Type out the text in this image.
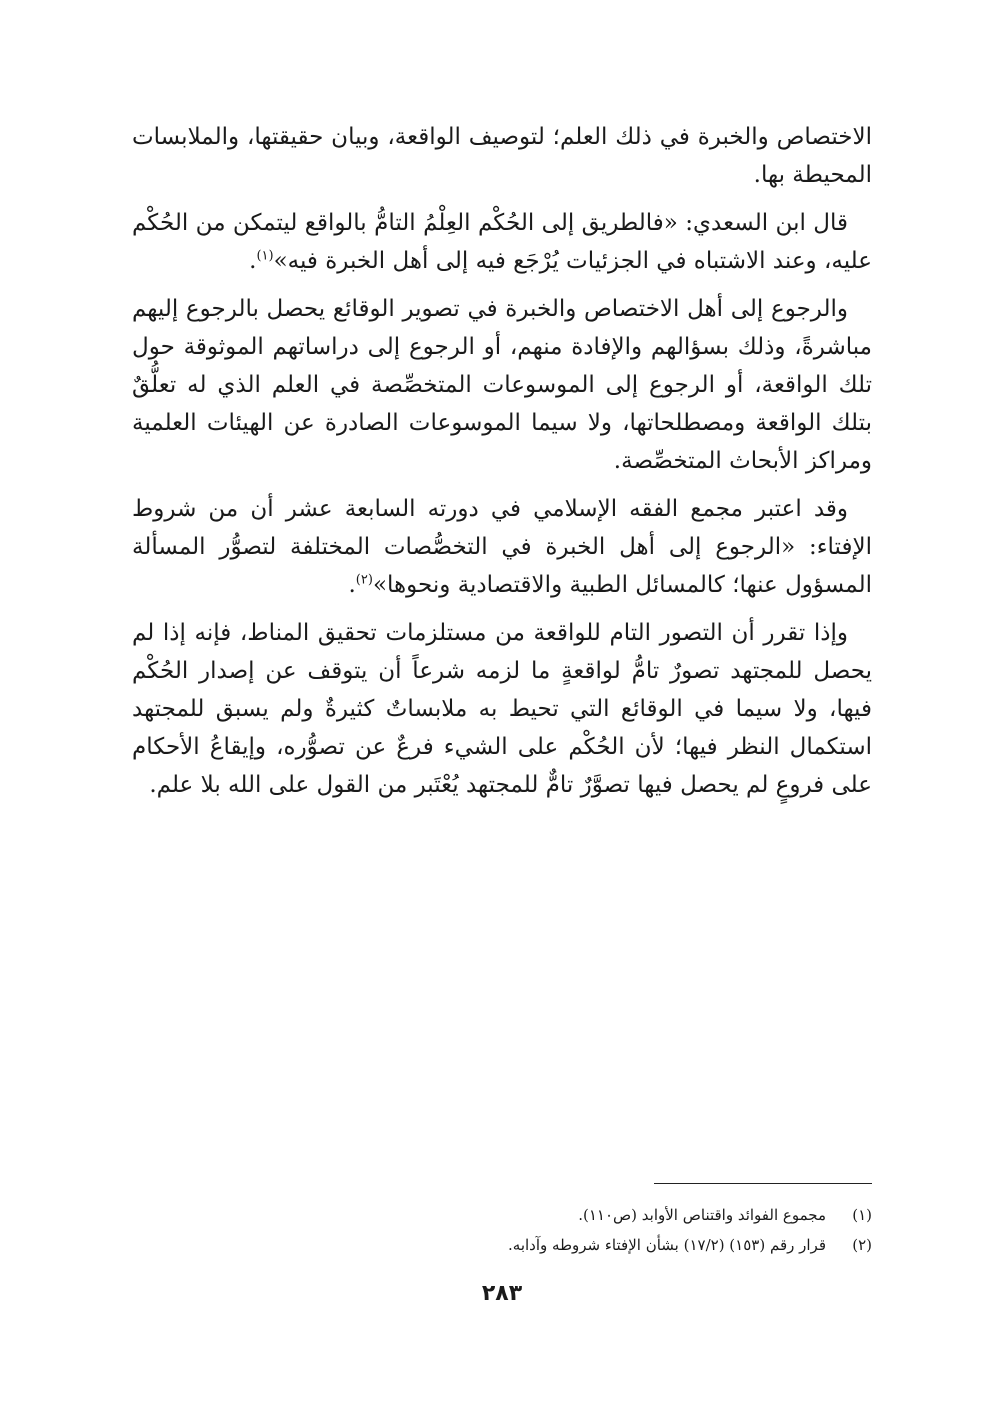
الاختصاص والخبرة في ذلك العلم؛ لتوصيف الواقعة، وبيان حقيقتها، والملابسات المحيطة بها.

قال ابن السعدي: «فالطريق إلى الحُكْم العِلْمُ التامُّ بالواقع ليتمكن من الحُكْم عليه، وعند الاشتباه في الجزئيات يُرْجَع فيه إلى أهل الخبرة فيه»$^{(١)}$.

والرجوع إلى أهل الاختصاص والخبرة في تصوير الوقائع يحصل بالرجوع إليهم مباشرةً، وذلك بسؤالهم والإفادة منهم، أو الرجوع إلى دراساتهم الموثوقة حول تلك الواقعة، أو الرجوع إلى الموسوعات المتخصِّصة في العلم الذي له تعلُّقٌ بتلك الواقعة ومصطلحاتها، ولا سيما الموسوعات الصادرة عن الهيئات العلمية ومراكز الأبحاث المتخصِّصة.

وقد اعتبر مجمع الفقه الإسلامي في دورته السابعة عشر أن من شروط الإفتاء: «الرجوع إلى أهل الخبرة في التخصُّصات المختلفة لتصوُّر المسألة المسؤول عنها؛ كالمسائل الطبية والاقتصادية ونحوها»$^{(٢)}$.

وإذا تقرر أن التصور التام للواقعة من مستلزمات تحقيق المناط، فإنه إذا لم يحصل للمجتهد تصورٌ تامُّ لواقعةٍ ما لزمه شرعاً أن يتوقف عن إصدار الحُكْم فيها، ولا سيما في الوقائع التي تحيط به ملابساتٌ كثيرةٌ ولم يسبق للمجتهد استكمال النظر فيها؛ لأن الحُكْم على الشيء فرعٌ عن تصوُّره، وإيقاعُ الأحكام على فروعٍ لم يحصل فيها تصوَّرٌ تامٌّ للمجتهد يُعْتَبر من القول على الله بلا علم.

(١)
مجموع الفوائد واقتناص الأوابد (ص١١٠).
(٢)
قرار رقم (١٥٣) (١٧/٢) بشأن الإفتاء شروطه وآدابه.
٢٨٣
